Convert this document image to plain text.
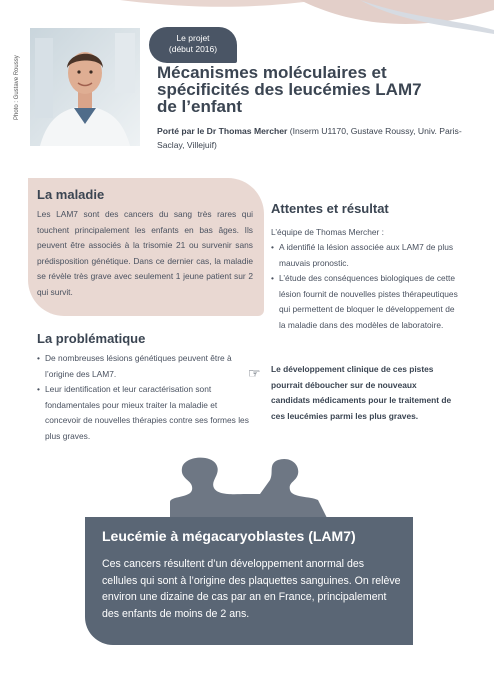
Photo : Gustave Roussy
Le projet
(début 2016)
Mécanismes moléculaires et
spécificités des leucémies LAM7
de l’enfant

Porté par le Dr Thomas Mercher (Inserm U1170, Gustave Roussy, Univ. Paris-Saclay, Villejuif)

La maladie

Les LAM7 sont des cancers du sang très rares qui touchent principalement les enfants en bas âges. Ils peuvent être associés à la trisomie 21 ou survenir sans prédisposition génétique. Dans ce dernier cas, la maladie se révèle très grave avec seulement 1 jeune patient sur 2 qui survit.

La problématique
• De nombreuses lésions génétiques peuvent être à l’origine des LAM7.
• Leur identification et leur caractérisation sont fondamentales pour mieux traiter la maladie et concevoir de nouvelles thérapies contre ses formes les plus graves.
Attentes et résultat

L’équipe de Thomas Mercher :

• A identifié la lésion associée aux LAM7 de plus mauvais pronostic.
• L’étude des conséquences biologiques de cette lésion fournit de nouvelles pistes thérapeutiques qui permettent de bloquer le développement de la maladie dans des modèles de laboratoire.
☞ Le développement clinique de ces pistes pourrait déboucher sur de nouveaux candidats médicaments pour le traitement de ces leucémies parmi les plus graves.

Leucémie à mégacaryoblastes (LAM7)

Ces cancers résultent d’un développement anormal des cellules qui sont à l’origine des plaquettes sanguines. On relève environ une dizaine de cas par an en France, principalement des enfants de moins de 2 ans.
